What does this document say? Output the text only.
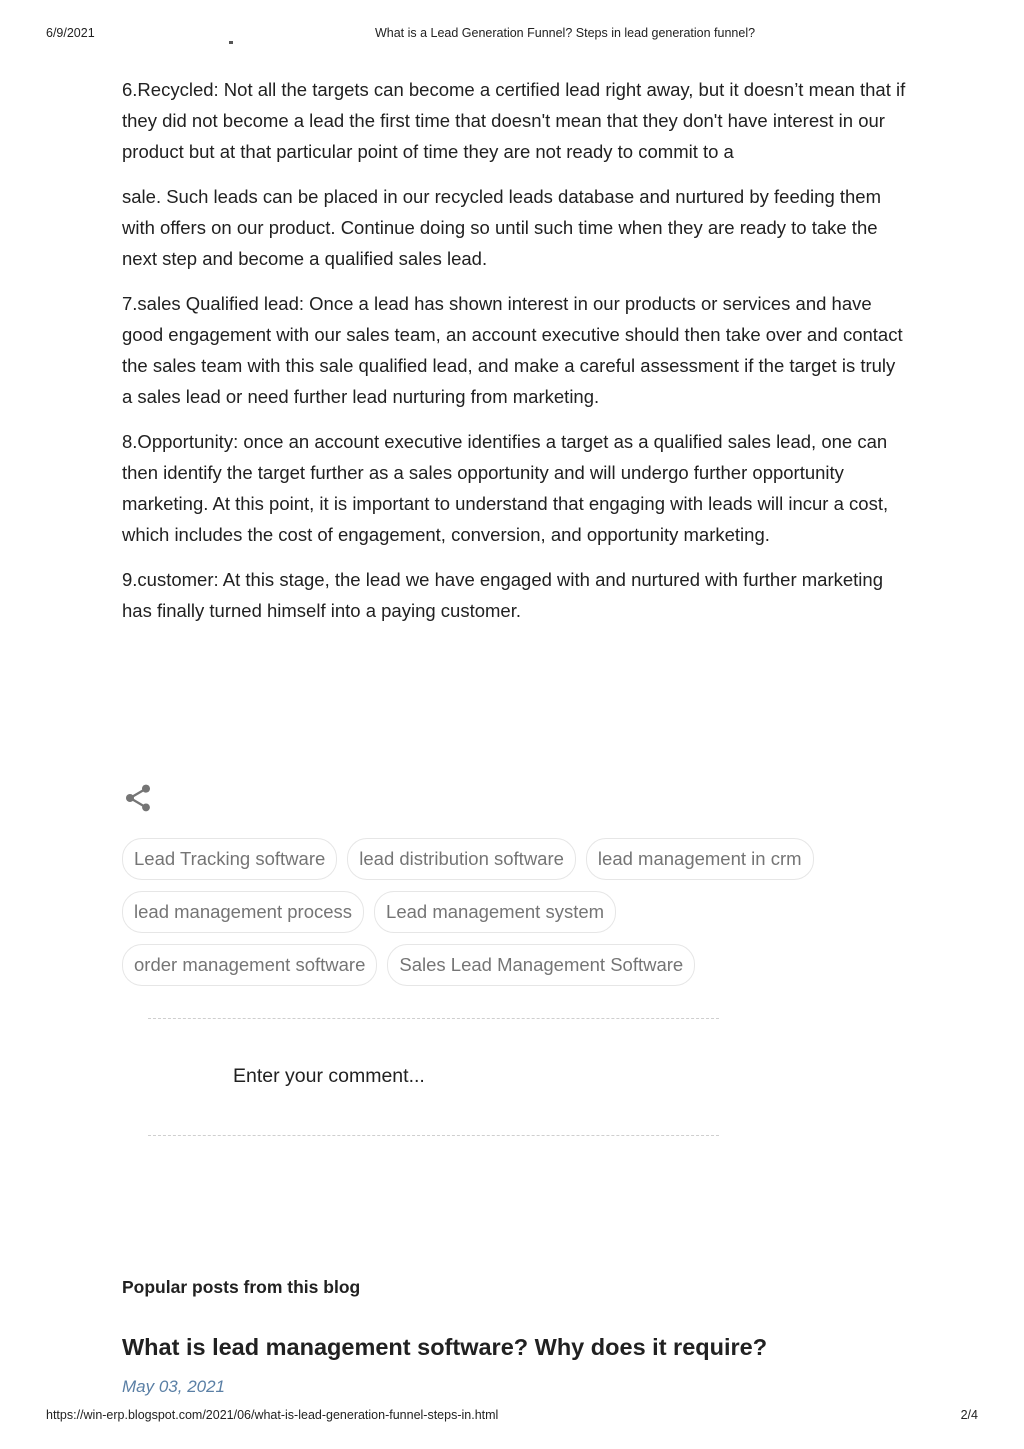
6/9/2021	What is a Lead Generation Funnel? Steps in lead generation funnel?

6.Recycled: Not all the targets can become a certified lead right away, but it doesn’t mean that if they did not become a lead the first time that doesn't mean that they don't have interest in our product but at that particular point of time they are not ready to commit to a

sale. Such leads can be placed in our recycled leads database and nurtured by feeding them with offers on our product. Continue doing so until such time when they are ready to take the next step and become a qualified sales lead.

7.sales Qualified lead: Once a lead has shown interest in our products or services and have good engagement with our sales team, an account executive should then take over and contact the sales team with this sale qualified lead, and make a careful assessment if the target is truly a sales lead or need further lead nurturing from marketing.

8.Opportunity: once an account executive identifies a target as a qualified sales lead, one can then identify the target further as a sales opportunity and will undergo further opportunity marketing. At this point, it is important to understand that engaging with leads will incur a cost, which includes the cost of engagement, conversion, and opportunity marketing.

9.customer: At this stage, the lead we have engaged with and nurtured with further marketing has finally turned himself into a paying customer.

Lead Tracking software	lead distribution software	lead management in crm
lead management process	Lead management system
order management software	Sales Lead Management Software
Enter your comment...
Popular posts from this blog
What is lead management software? Why does it require?
May 03, 2021
https://win-erp.blogspot.com/2021/06/what-is-lead-generation-funnel-steps-in.html	2/4
